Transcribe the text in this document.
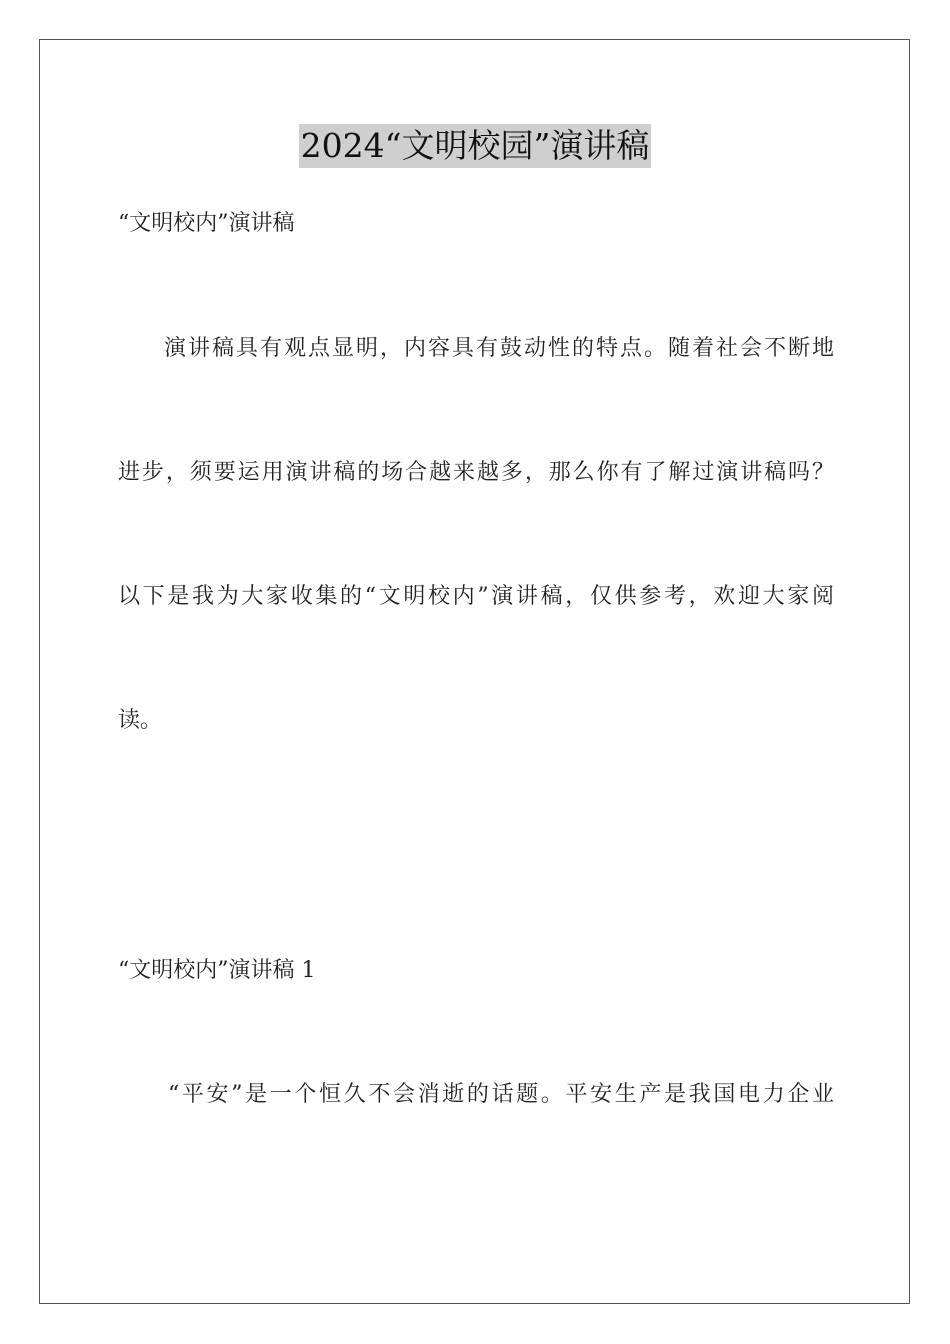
2024“文明校园”演讲稿
“文明校内”演讲稿
演讲稿具有观点显明，内容具有鼓动性的特点。随着社会不断地
进步，须要运用演讲稿的场合越来越多，那么你有了解过演讲稿吗？
以下是我为大家收集的“文明校内”演讲稿，仅供参考，欢迎大家阅
读。
“文明校内”演讲稿 1
“平安”是一个恒久不会消逝的话题。平安生产是我国电力企业
